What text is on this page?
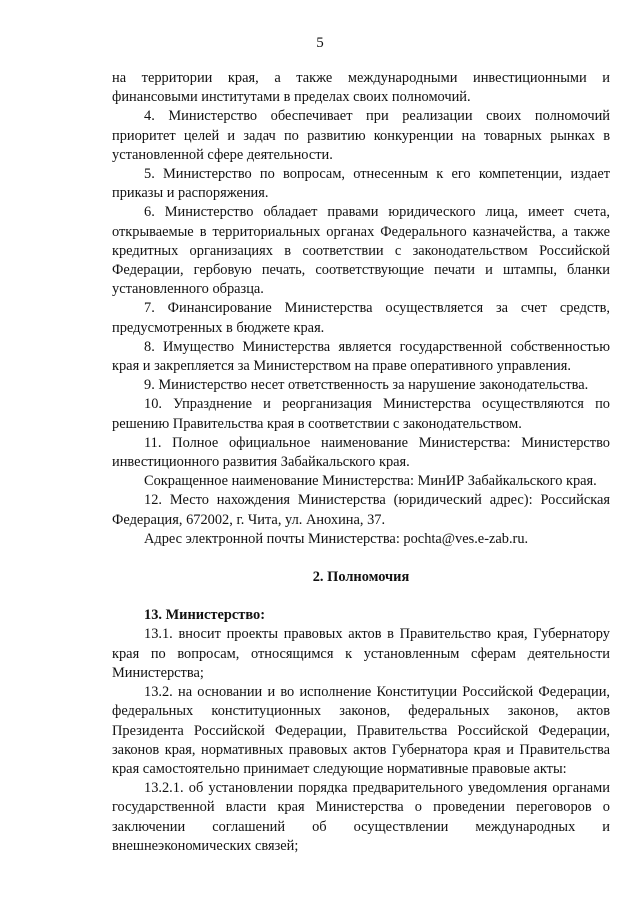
5

на территории края, а также международными инвестиционными и финансовыми институтами в пределах своих полномочий.

4. Министерство обеспечивает при реализации своих полномочий приоритет целей и задач по развитию конкуренции на товарных рынках в установленной сфере деятельности.

5. Министерство по вопросам, отнесенным к его компетенции, издает приказы и распоряжения.

6. Министерство обладает правами юридического лица, имеет счета, открываемые в территориальных органах Федерального казначейства, а также кредитных организациях в соответствии с законодательством Российской Федерации, гербовую печать, соответствующие печати и штампы, бланки установленного образца.

7. Финансирование Министерства осуществляется за счет средств, предусмотренных в бюджете края.

8. Имущество Министерства является государственной собственностью края и закрепляется за Министерством на праве оперативного управления.

9. Министерство несет ответственность за нарушение законодательства.

10. Упразднение и реорганизация Министерства осуществляются по решению Правительства края в соответствии с законодательством.

11. Полное официальное наименование Министерства: Министерство инвестиционного развития Забайкальского края.

Сокращенное наименование Министерства: МинИР Забайкальского края.

12. Место нахождения Министерства (юридический адрес): Российская Федерация, 672002, г. Чита, ул. Анохина, 37.

Адрес электронной почты Министерства: pochta@ves.e-zab.ru.

2. Полномочия

13. Министерство:

13.1. вносит проекты правовых актов в Правительство края, Губернатору края по вопросам, относящимся к установленным сферам деятельности Министерства;

13.2. на основании и во исполнение Конституции Российской Федерации, федеральных конституционных законов, федеральных законов, актов Президента Российской Федерации, Правительства Российской Федерации, законов края, нормативных правовых актов Губернатора края и Правительства края самостоятельно принимает следующие нормативные правовые акты:

13.2.1. об установлении порядка предварительного уведомления органами государственной власти края Министерства о проведении переговоров о заключении соглашений об осуществлении международных и внешнеэкономических связей;
